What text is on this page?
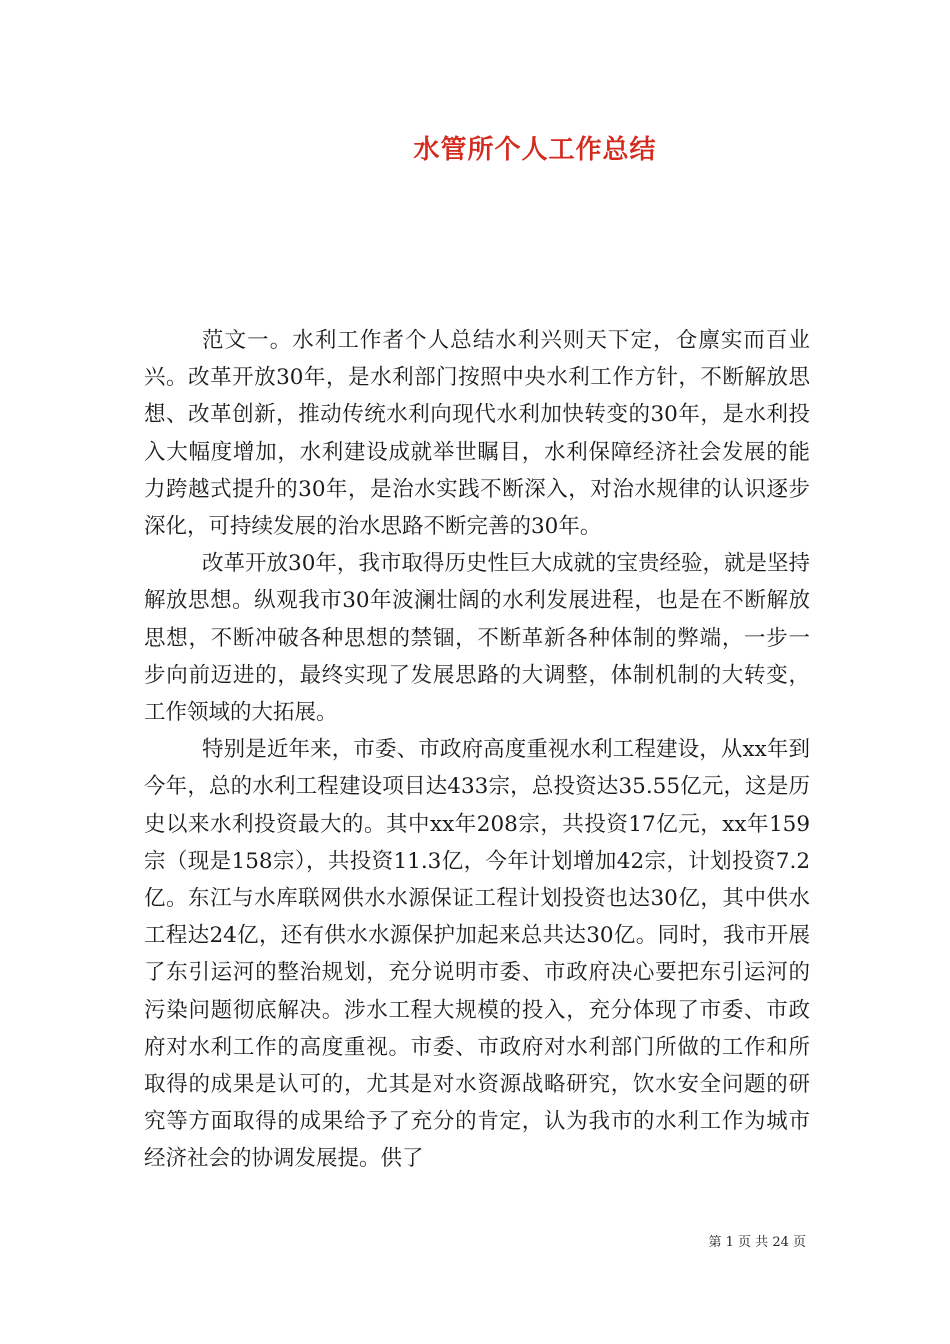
水管所个人工作总结

范文一。水利工作者个人总结水利兴则天下定，仓廪实而百业兴。改革开放30年，是水利部门按照中央水利工作方针，不断解放思想、改革创新，推动传统水利向现代水利加快转变的30年，是水利投入大幅度增加，水利建设成就举世瞩目，水利保障经济社会发展的能力跨越式提升的30年，是治水实践不断深入，对治水规律的认识逐步深化，可持续发展的治水思路不断完善的30年。

改革开放30年，我市取得历史性巨大成就的宝贵经验，就是坚持解放思想。纵观我市30年波澜壮阔的水利发展进程，也是在不断解放思想，不断冲破各种思想的禁锢，不断革新各种体制的弊端，一步一步向前迈进的，最终实现了发展思路的大调整，体制机制的大转变，工作领域的大拓展。

特别是近年来，市委、市政府高度重视水利工程建设，从xx年到今年，总的水利工程建设项目达433宗，总投资达35.55亿元，这是历史以来水利投资最大的。其中xx年208宗，共投资17亿元，xx年159宗（现是158宗），共投资11.3亿，今年计划增加42宗，计划投资7.2亿。东江与水库联网供水水源保证工程计划投资也达30亿，其中供水工程达24亿，还有供水水源保护加起来总共达30亿。同时，我市开展了东引运河的整治规划，充分说明市委、市政府决心要把东引运河的污染问题彻底解决。涉水工程大规模的投入，充分体现了市委、市政府对水利工作的高度重视。市委、市政府对水利部门所做的工作和所取得的成果是认可的，尤其是对水资源战略研究，饮水安全问题的研究等方面取得的成果给予了充分的肯定，认为我市的水利工作为城市经济社会的协调发展提。供了

第 1 页 共 24 页
